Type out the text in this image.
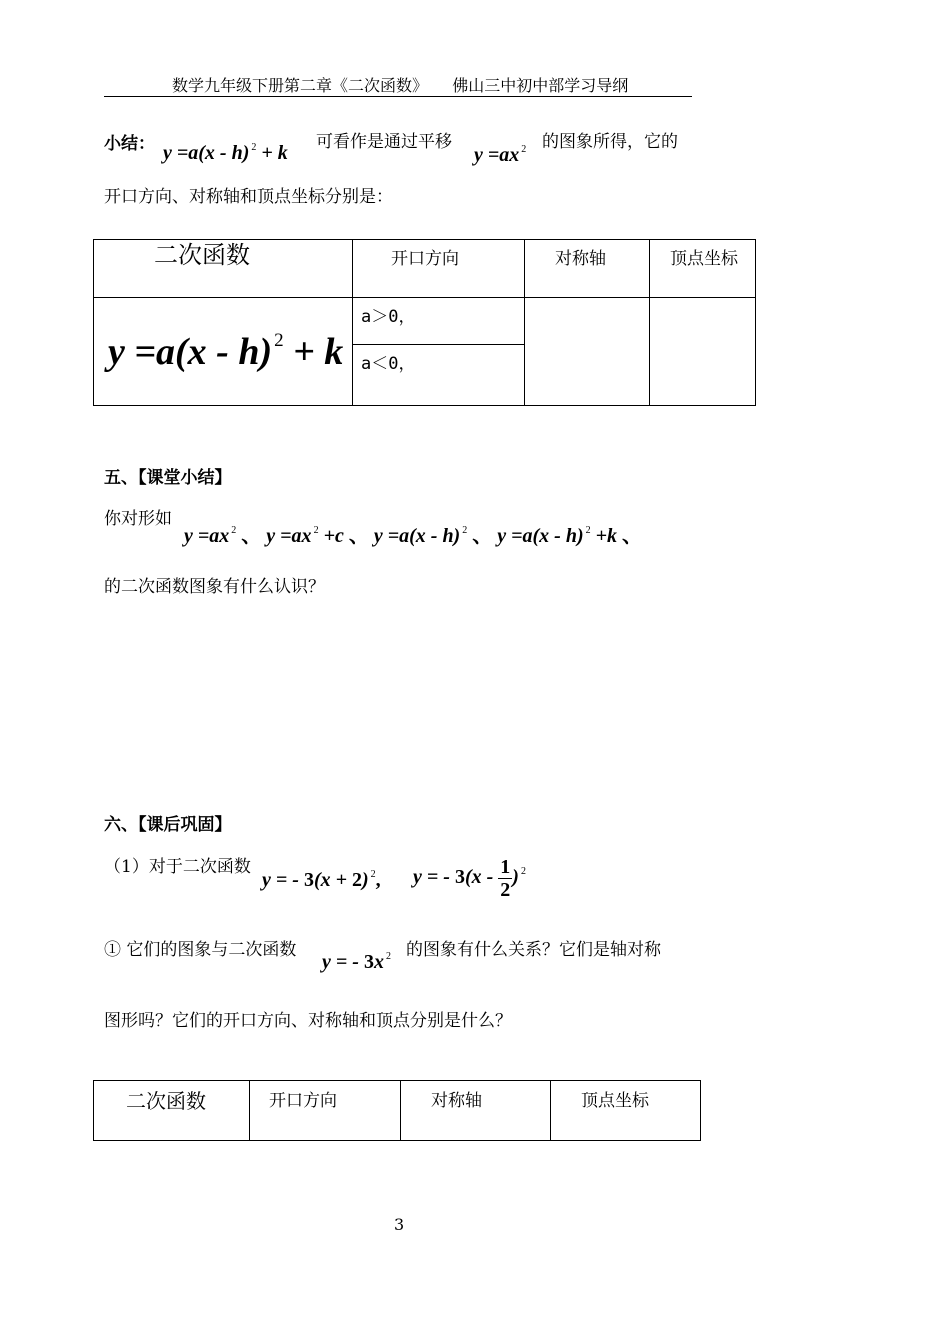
数学九年级下册第二章《二次函数》 佛山三中初中部学习导纲
小结： y =a(x - h) $^2$ + k 可看作是通过平移
y =ax $^2$ 的图象所得，它的
开口方向、对称轴和顶点坐标分别是：
二次函数	开口方向	对称轴	顶点坐标

y =a(x - h) $^2$ + k	a＞0，		

	a＜0，		
五、【课堂小结】
你对形如
y =ax $^2$ 、 y =ax $^2$ +c 、 y =a(x - h) $^2$ 、 y =a(x - h) $^2$ +k 、
的二次函数图象有什么认识？
六、【课后巩固】
（1）对于二次函数
y = - 3(x + 2) $^2$, y = - $3(x - \frac{1}{2}$ ) $^2$
① 它们的图象与二次函数
y = - 3x $^2$ 的图象有什么关系？它们是轴对称
图形吗？它们的开口方向、对称轴和顶点分别是什么？
二次函数	开口方向	对称轴	顶点坐标
3
